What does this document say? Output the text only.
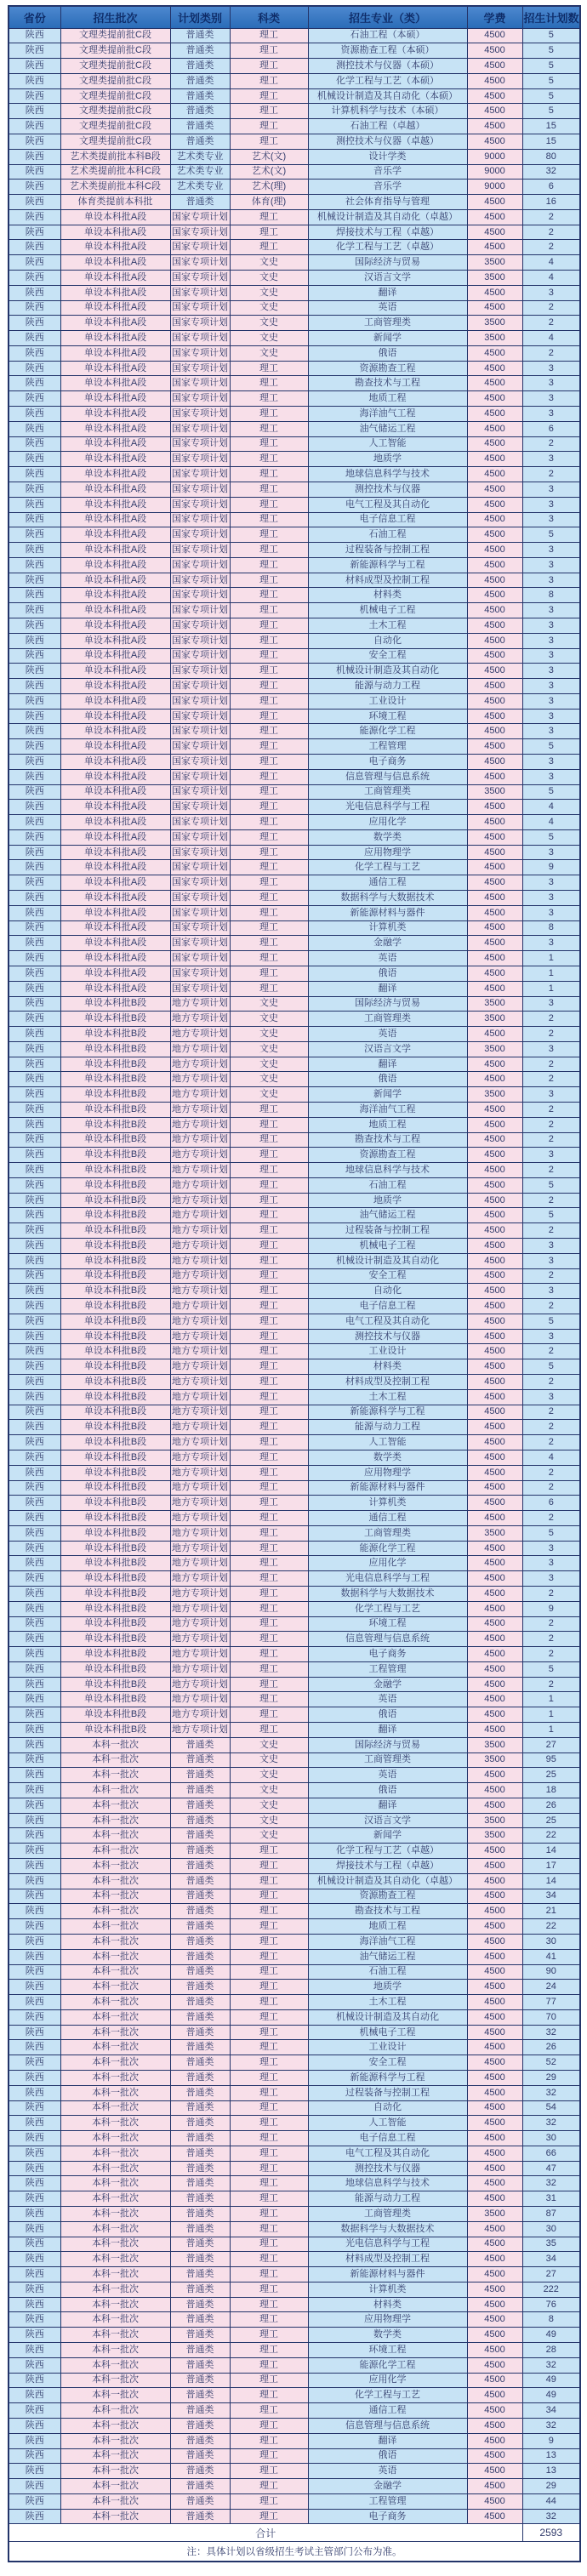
省份	招生批次	计划类别	科类	招生专业（类）	学费	招生计划数
陕西	文理类提前批C段	普通类	理工	石油工程（本硕）	4500	5
陕西	文理类提前批C段	普通类	理工	资源勘查工程（本硕）	4500	5
陕西	文理类提前批C段	普通类	理工	测控技术与仪器（本硕）	4500	5
陕西	文理类提前批C段	普通类	理工	化学工程与工艺（本硕）	4500	5
陕西	文理类提前批C段	普通类	理工	机械设计制造及其自动化（本硕）	4500	5
陕西	文理类提前批C段	普通类	理工	计算机科学与技术（本硕）	4500	5
陕西	文理类提前批C段	普通类	理工	石油工程（卓越）	4500	15
陕西	文理类提前批C段	普通类	理工	测控技术与仪器（卓越）	4500	15
陕西	艺术类提前批本科B段	艺术类专业	艺术(文)	设计学类	9000	80
陕西	艺术类提前批本科C段	艺术类专业	艺术(文)	音乐学	9000	32
陕西	艺术类提前批本科C段	艺术类专业	艺术(理)	音乐学	9000	6
陕西	体育类提前本科批	普通类	体育(理)	社会体育指导与管理	4500	16
陕西	单设本科批A段	国家专项计划	理工	机械设计制造及其自动化（卓越）	4500	2
陕西	单设本科批A段	国家专项计划	理工	焊接技术与工程（卓越）	4500	2
陕西	单设本科批A段	国家专项计划	理工	化学工程与工艺（卓越）	4500	2
陕西	单设本科批A段	国家专项计划	文史	国际经济与贸易	3500	4
陕西	单设本科批A段	国家专项计划	文史	汉语言文学	3500	4
陕西	单设本科批A段	国家专项计划	文史	翻译	4500	3
陕西	单设本科批A段	国家专项计划	文史	英语	4500	2
陕西	单设本科批A段	国家专项计划	文史	工商管理类	3500	2
陕西	单设本科批A段	国家专项计划	文史	新闻学	3500	4
陕西	单设本科批A段	国家专项计划	文史	俄语	4500	2
陕西	单设本科批A段	国家专项计划	理工	资源勘查工程	4500	3
陕西	单设本科批A段	国家专项计划	理工	勘查技术与工程	4500	3
陕西	单设本科批A段	国家专项计划	理工	地质工程	4500	3
陕西	单设本科批A段	国家专项计划	理工	海洋油气工程	4500	3
陕西	单设本科批A段	国家专项计划	理工	油气储运工程	4500	6
陕西	单设本科批A段	国家专项计划	理工	人工智能	4500	2
陕西	单设本科批A段	国家专项计划	理工	地质学	4500	3
陕西	单设本科批A段	国家专项计划	理工	地球信息科学与技术	4500	2
陕西	单设本科批A段	国家专项计划	理工	测控技术与仪器	4500	3
陕西	单设本科批A段	国家专项计划	理工	电气工程及其自动化	4500	3
陕西	单设本科批A段	国家专项计划	理工	电子信息工程	4500	3
陕西	单设本科批A段	国家专项计划	理工	石油工程	4500	5
陕西	单设本科批A段	国家专项计划	理工	过程装备与控制工程	4500	3
陕西	单设本科批A段	国家专项计划	理工	新能源科学与工程	4500	3
陕西	单设本科批A段	国家专项计划	理工	材料成型及控制工程	4500	3
陕西	单设本科批A段	国家专项计划	理工	材料类	4500	8
陕西	单设本科批A段	国家专项计划	理工	机械电子工程	4500	3
陕西	单设本科批A段	国家专项计划	理工	土木工程	4500	3
陕西	单设本科批A段	国家专项计划	理工	自动化	4500	3
陕西	单设本科批A段	国家专项计划	理工	安全工程	4500	3
陕西	单设本科批A段	国家专项计划	理工	机械设计制造及其自动化	4500	3
陕西	单设本科批A段	国家专项计划	理工	能源与动力工程	4500	3
陕西	单设本科批A段	国家专项计划	理工	工业设计	4500	3
陕西	单设本科批A段	国家专项计划	理工	环境工程	4500	3
陕西	单设本科批A段	国家专项计划	理工	能源化学工程	4500	3
陕西	单设本科批A段	国家专项计划	理工	工程管理	4500	5
陕西	单设本科批A段	国家专项计划	理工	电子商务	4500	3
陕西	单设本科批A段	国家专项计划	理工	信息管理与信息系统	4500	3
陕西	单设本科批A段	国家专项计划	理工	工商管理类	3500	5
陕西	单设本科批A段	国家专项计划	理工	光电信息科学与工程	4500	4
陕西	单设本科批A段	国家专项计划	理工	应用化学	4500	4
陕西	单设本科批A段	国家专项计划	理工	数学类	4500	5
陕西	单设本科批A段	国家专项计划	理工	应用物理学	4500	3
陕西	单设本科批A段	国家专项计划	理工	化学工程与工艺	4500	9
陕西	单设本科批A段	国家专项计划	理工	通信工程	4500	3
陕西	单设本科批A段	国家专项计划	理工	数据科学与大数据技术	4500	3
陕西	单设本科批A段	国家专项计划	理工	新能源材料与器件	4500	3
陕西	单设本科批A段	国家专项计划	理工	计算机类	4500	8
陕西	单设本科批A段	国家专项计划	理工	金融学	4500	3
陕西	单设本科批A段	国家专项计划	理工	英语	4500	1
陕西	单设本科批A段	国家专项计划	理工	俄语	4500	1
陕西	单设本科批A段	国家专项计划	理工	翻译	4500	1
陕西	单设本科批B段	地方专项计划	文史	国际经济与贸易	3500	3
陕西	单设本科批B段	地方专项计划	文史	工商管理类	3500	2
陕西	单设本科批B段	地方专项计划	文史	英语	4500	2
陕西	单设本科批B段	地方专项计划	文史	汉语言文学	3500	3
陕西	单设本科批B段	地方专项计划	文史	翻译	4500	2
陕西	单设本科批B段	地方专项计划	文史	俄语	4500	2
陕西	单设本科批B段	地方专项计划	文史	新闻学	3500	3
陕西	单设本科批B段	地方专项计划	理工	海洋油气工程	4500	2
陕西	单设本科批B段	地方专项计划	理工	地质工程	4500	2
陕西	单设本科批B段	地方专项计划	理工	勘查技术与工程	4500	2
陕西	单设本科批B段	地方专项计划	理工	资源勘查工程	4500	3
陕西	单设本科批B段	地方专项计划	理工	地球信息科学与技术	4500	2
陕西	单设本科批B段	地方专项计划	理工	石油工程	4500	5
陕西	单设本科批B段	地方专项计划	理工	地质学	4500	2
陕西	单设本科批B段	地方专项计划	理工	油气储运工程	4500	5
陕西	单设本科批B段	地方专项计划	理工	过程装备与控制工程	4500	2
陕西	单设本科批B段	地方专项计划	理工	机械电子工程	4500	3
陕西	单设本科批B段	地方专项计划	理工	机械设计制造及其自动化	4500	3
陕西	单设本科批B段	地方专项计划	理工	安全工程	4500	2
陕西	单设本科批B段	地方专项计划	理工	自动化	4500	3
陕西	单设本科批B段	地方专项计划	理工	电子信息工程	4500	2
陕西	单设本科批B段	地方专项计划	理工	电气工程及其自动化	4500	5
陕西	单设本科批B段	地方专项计划	理工	测控技术与仪器	4500	3
陕西	单设本科批B段	地方专项计划	理工	工业设计	4500	2
陕西	单设本科批B段	地方专项计划	理工	材料类	4500	5
陕西	单设本科批B段	地方专项计划	理工	材料成型及控制工程	4500	2
陕西	单设本科批B段	地方专项计划	理工	土木工程	4500	3
陕西	单设本科批B段	地方专项计划	理工	新能源科学与工程	4500	2
陕西	单设本科批B段	地方专项计划	理工	能源与动力工程	4500	2
陕西	单设本科批B段	地方专项计划	理工	人工智能	4500	2
陕西	单设本科批B段	地方专项计划	理工	数学类	4500	4
陕西	单设本科批B段	地方专项计划	理工	应用物理学	4500	2
陕西	单设本科批B段	地方专项计划	理工	新能源材料与器件	4500	2
陕西	单设本科批B段	地方专项计划	理工	计算机类	4500	6
陕西	单设本科批B段	地方专项计划	理工	通信工程	4500	2
陕西	单设本科批B段	地方专项计划	理工	工商管理类	3500	5
陕西	单设本科批B段	地方专项计划	理工	能源化学工程	4500	3
陕西	单设本科批B段	地方专项计划	理工	应用化学	4500	3
陕西	单设本科批B段	地方专项计划	理工	光电信息科学与工程	4500	3
陕西	单设本科批B段	地方专项计划	理工	数据科学与大数据技术	4500	2
陕西	单设本科批B段	地方专项计划	理工	化学工程与工艺	4500	9
陕西	单设本科批B段	地方专项计划	理工	环境工程	4500	2
陕西	单设本科批B段	地方专项计划	理工	信息管理与信息系统	4500	2
陕西	单设本科批B段	地方专项计划	理工	电子商务	4500	2
陕西	单设本科批B段	地方专项计划	理工	工程管理	4500	5
陕西	单设本科批B段	地方专项计划	理工	金融学	4500	2
陕西	单设本科批B段	地方专项计划	理工	英语	4500	1
陕西	单设本科批B段	地方专项计划	理工	俄语	4500	1
陕西	单设本科批B段	地方专项计划	理工	翻译	4500	1
陕西	本科一批次	普通类	文史	国际经济与贸易	3500	27
陕西	本科一批次	普通类	文史	工商管理类	3500	95
陕西	本科一批次	普通类	文史	英语	4500	25
陕西	本科一批次	普通类	文史	俄语	4500	18
陕西	本科一批次	普通类	文史	翻译	4500	26
陕西	本科一批次	普通类	文史	汉语言文学	3500	25
陕西	本科一批次	普通类	文史	新闻学	3500	22
陕西	本科一批次	普通类	理工	化学工程与工艺（卓越）	4500	14
陕西	本科一批次	普通类	理工	焊接技术与工程（卓越）	4500	17
陕西	本科一批次	普通类	理工	机械设计制造及其自动化（卓越）	4500	14
陕西	本科一批次	普通类	理工	资源勘查工程	4500	34
陕西	本科一批次	普通类	理工	勘查技术与工程	4500	21
陕西	本科一批次	普通类	理工	地质工程	4500	22
陕西	本科一批次	普通类	理工	海洋油气工程	4500	30
陕西	本科一批次	普通类	理工	油气储运工程	4500	41
陕西	本科一批次	普通类	理工	石油工程	4500	90
陕西	本科一批次	普通类	理工	地质学	4500	24
陕西	本科一批次	普通类	理工	土木工程	4500	77
陕西	本科一批次	普通类	理工	机械设计制造及其自动化	4500	70
陕西	本科一批次	普通类	理工	机械电子工程	4500	32
陕西	本科一批次	普通类	理工	工业设计	4500	26
陕西	本科一批次	普通类	理工	安全工程	4500	52
陕西	本科一批次	普通类	理工	新能源科学与工程	4500	29
陕西	本科一批次	普通类	理工	过程装备与控制工程	4500	32
陕西	本科一批次	普通类	理工	自动化	4500	54
陕西	本科一批次	普通类	理工	人工智能	4500	32
陕西	本科一批次	普通类	理工	电子信息工程	4500	30
陕西	本科一批次	普通类	理工	电气工程及其自动化	4500	66
陕西	本科一批次	普通类	理工	测控技术与仪器	4500	47
陕西	本科一批次	普通类	理工	地球信息科学与技术	4500	32
陕西	本科一批次	普通类	理工	能源与动力工程	4500	31
陕西	本科一批次	普通类	理工	工商管理类	3500	87
陕西	本科一批次	普通类	理工	数据科学与大数据技术	4500	30
陕西	本科一批次	普通类	理工	光电信息科学与工程	4500	35
陕西	本科一批次	普通类	理工	材料成型及控制工程	4500	34
陕西	本科一批次	普通类	理工	新能源材料与器件	4500	27
陕西	本科一批次	普通类	理工	计算机类	4500	222
陕西	本科一批次	普通类	理工	材料类	4500	76
陕西	本科一批次	普通类	理工	应用物理学	4500	8
陕西	本科一批次	普通类	理工	数学类	4500	49
陕西	本科一批次	普通类	理工	环境工程	4500	28
陕西	本科一批次	普通类	理工	能源化学工程	4500	32
陕西	本科一批次	普通类	理工	应用化学	4500	49
陕西	本科一批次	普通类	理工	化学工程与工艺	4500	49
陕西	本科一批次	普通类	理工	通信工程	4500	34
陕西	本科一批次	普通类	理工	信息管理与信息系统	4500	32
陕西	本科一批次	普通类	理工	翻译	4500	9
陕西	本科一批次	普通类	理工	俄语	4500	13
陕西	本科一批次	普通类	理工	英语	4500	13
陕西	本科一批次	普通类	理工	金融学	4500	29
陕西	本科一批次	普通类	理工	工程管理	4500	44
陕西	本科一批次	普通类	理工	电子商务	4500	32
合计						2593
注：具体计划以省级招生考试主管部门公布为准。						
